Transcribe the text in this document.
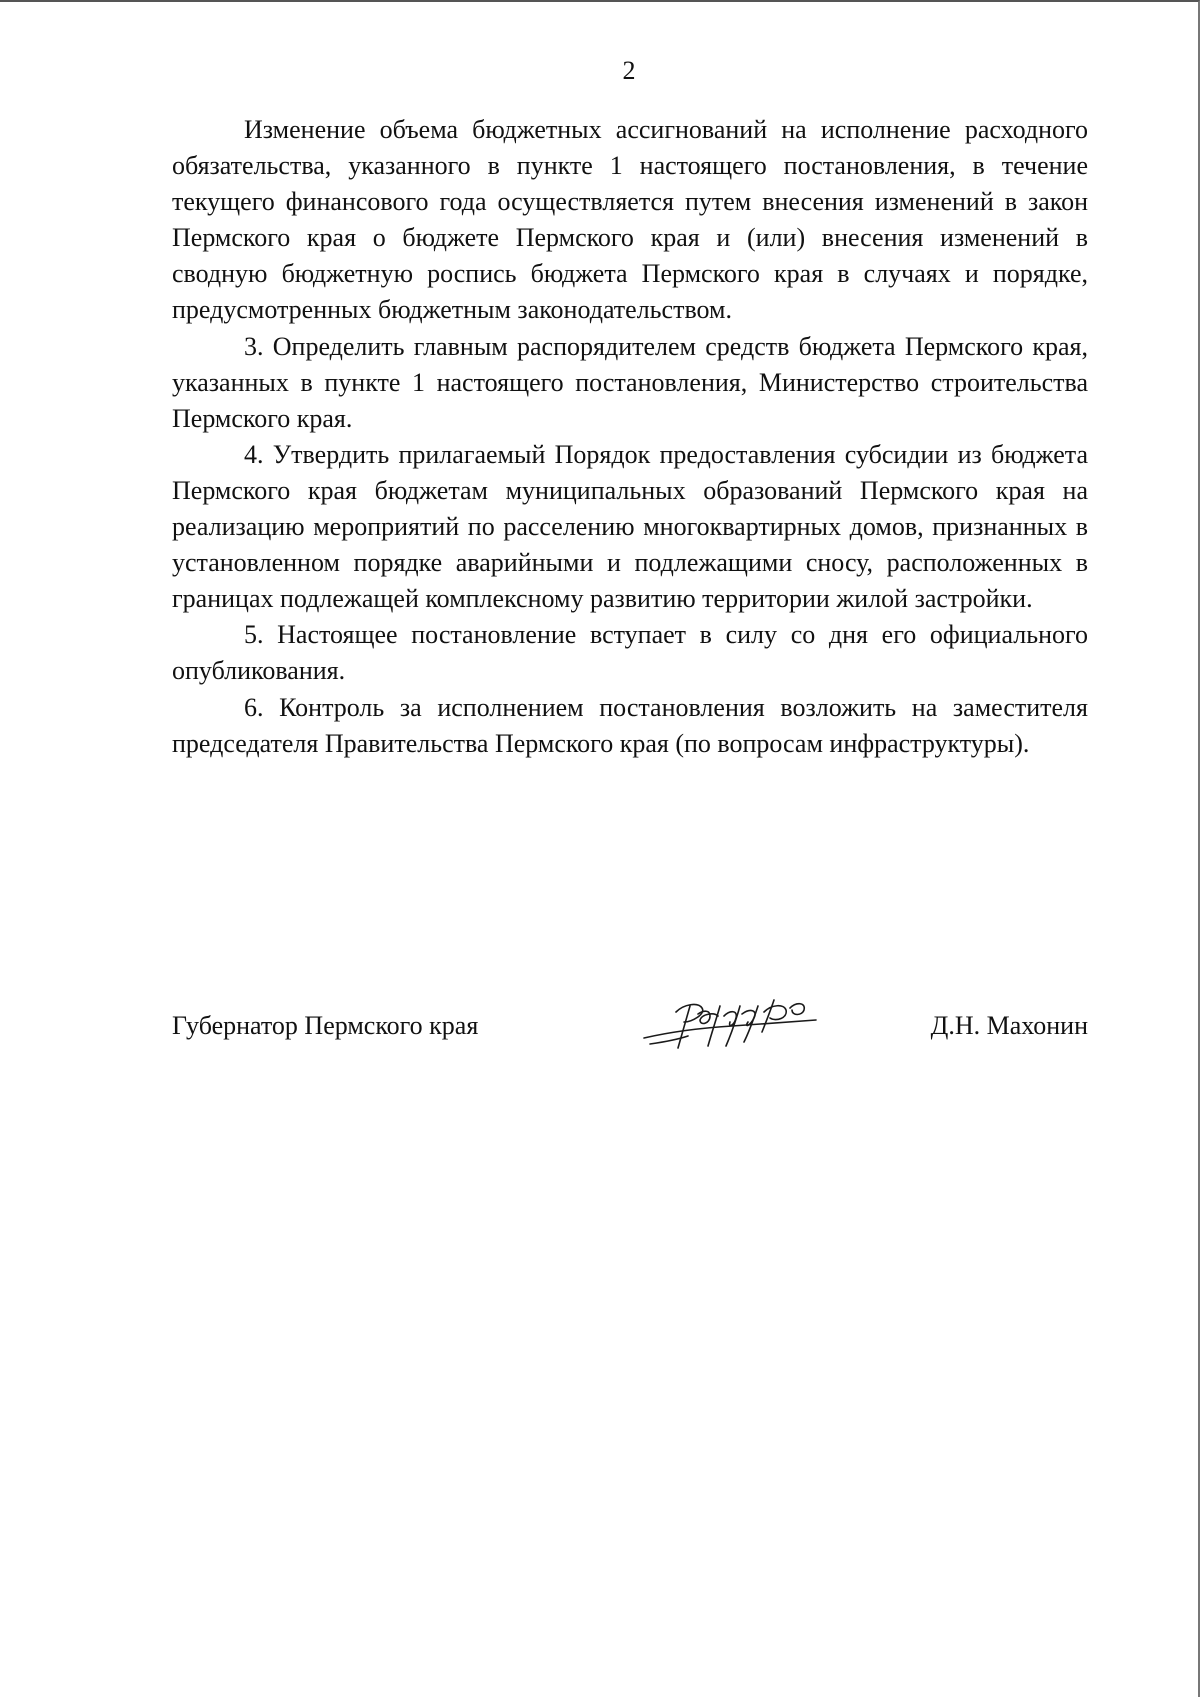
2

Изменение объема бюджетных ассигнований на исполнение расходного обязательства, указанного в пункте 1 настоящего постановления, в течение текущего финансового года осуществляется путем внесения изменений в закон Пермского края о бюджете Пермского края и (или) внесения изменений в сводную бюджетную роспись бюджета Пермского края в случаях и порядке, предусмотренных бюджетным законодательством.

3. Определить главным распорядителем средств бюджета Пермского края, указанных в пункте 1 настоящего постановления, Министерство строительства Пермского края.

4. Утвердить прилагаемый Порядок предоставления субсидии из бюджета Пермского края бюджетам муниципальных образований Пермского края на реализацию мероприятий по расселению многоквартирных домов, признанных в установленном порядке аварийными и подлежащими сносу, расположенных в границах подлежащей комплексному развитию территории жилой застройки.

5. Настоящее постановление вступает в силу со дня его официального опубликования.

6. Контроль за исполнением постановления возложить на заместителя председателя Правительства Пермского края (по вопросам инфраструктуры).

Губернатор Пермского края	Д.Н. Махонин
